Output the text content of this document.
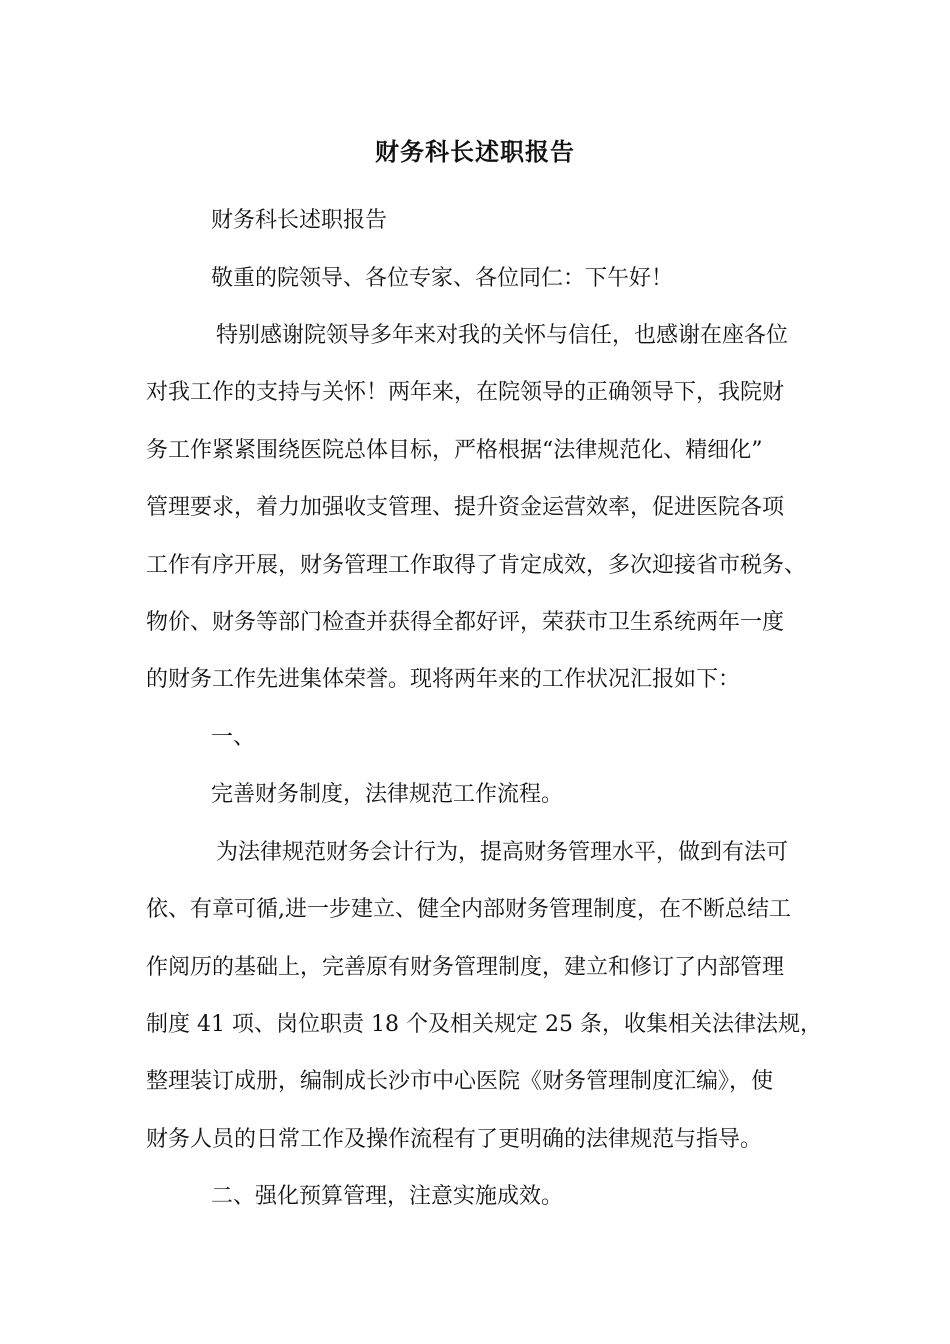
财务科长述职报告
财务科长述职报告
敬重的院领导、各位专家、各位同仁：下午好！
特别感谢院领导多年来对我的关怀与信任，也感谢在座各位
对我工作的支持与关怀！两年来，在院领导的正确领导下，我院财
务工作紧紧围绕医院总体目标，严格根据“法律规范化、精细化”
管理要求，着力加强收支管理、提升资金运营效率，促进医院各项
工作有序开展，财务管理工作取得了肯定成效，多次迎接省市税务、
物价、财务等部门检查并获得全都好评，荣获市卫生系统两年一度
的财务工作先进集体荣誉。现将两年来的工作状况汇报如下：
一、
完善财务制度，法律规范工作流程。
为法律规范财务会计行为，提高财务管理水平，做到有法可
依、有章可循,进一步建立、健全内部财务管理制度，在不断总结工
作阅历的基础上，完善原有财务管理制度，建立和修订了内部管理
制度 41 项、岗位职责 18 个及相关规定 25 条，收集相关法律法规，
整理装订成册，编制成长沙市中心医院《财务管理制度汇编》，使
财务人员的日常工作及操作流程有了更明确的法律规范与指导。
二、强化预算管理，注意实施成效。
